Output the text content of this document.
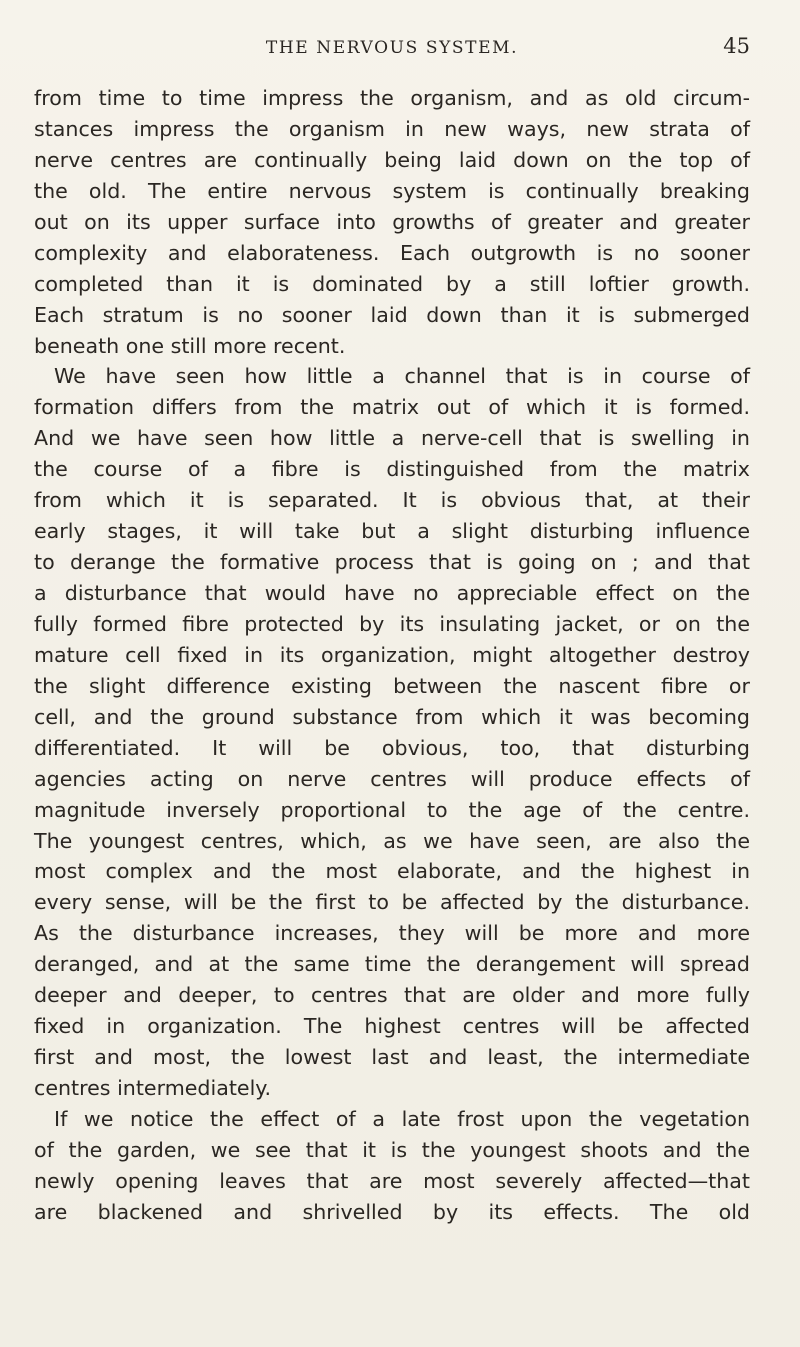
THE NERVOUS SYSTEM.	45
from time to time impress the organism, and as old circum-
stances impress the organism in new ways, new strata of
nerve centres are continually being laid down on the top of
the old. The entire nervous system is continually breaking
out on its upper surface into growths of greater and greater
complexity and elaborateness. Each outgrowth is no sooner
completed than it is dominated by a still loftier growth.
Each stratum is no sooner laid down than it is submerged
beneath one still more recent.
We have seen how little a channel that is in course of
formation differs from the matrix out of which it is formed.
And we have seen how little a nerve-cell that is swelling in
the course of a fibre is distinguished from the matrix
from which it is separated. It is obvious that, at their
early stages, it will take but a slight disturbing influence
to derange the formative process that is going on ; and that
a disturbance that would have no appreciable effect on the
fully formed fibre protected by its insulating jacket, or on the
mature cell fixed in its organization, might altogether destroy
the slight difference existing between the nascent fibre or
cell, and the ground substance from which it was becoming
differentiated. It will be obvious, too, that disturbing
agencies acting on nerve centres will produce effects of
magnitude inversely proportional to the age of the centre.
The youngest centres, which, as we have seen, are also the
most complex and the most elaborate, and the highest in
every sense, will be the first to be affected by the disturbance.
As the disturbance increases, they will be more and more
deranged, and at the same time the derangement will spread
deeper and deeper, to centres that are older and more fully
fixed in organization. The highest centres will be affected
first and most, the lowest last and least, the intermediate
centres intermediately.
If we notice the effect of a late frost upon the vegetation
of the garden, we see that it is the youngest shoots and the
newly opening leaves that are most severely affected—that
are blackened and shrivelled by its effects. The old
